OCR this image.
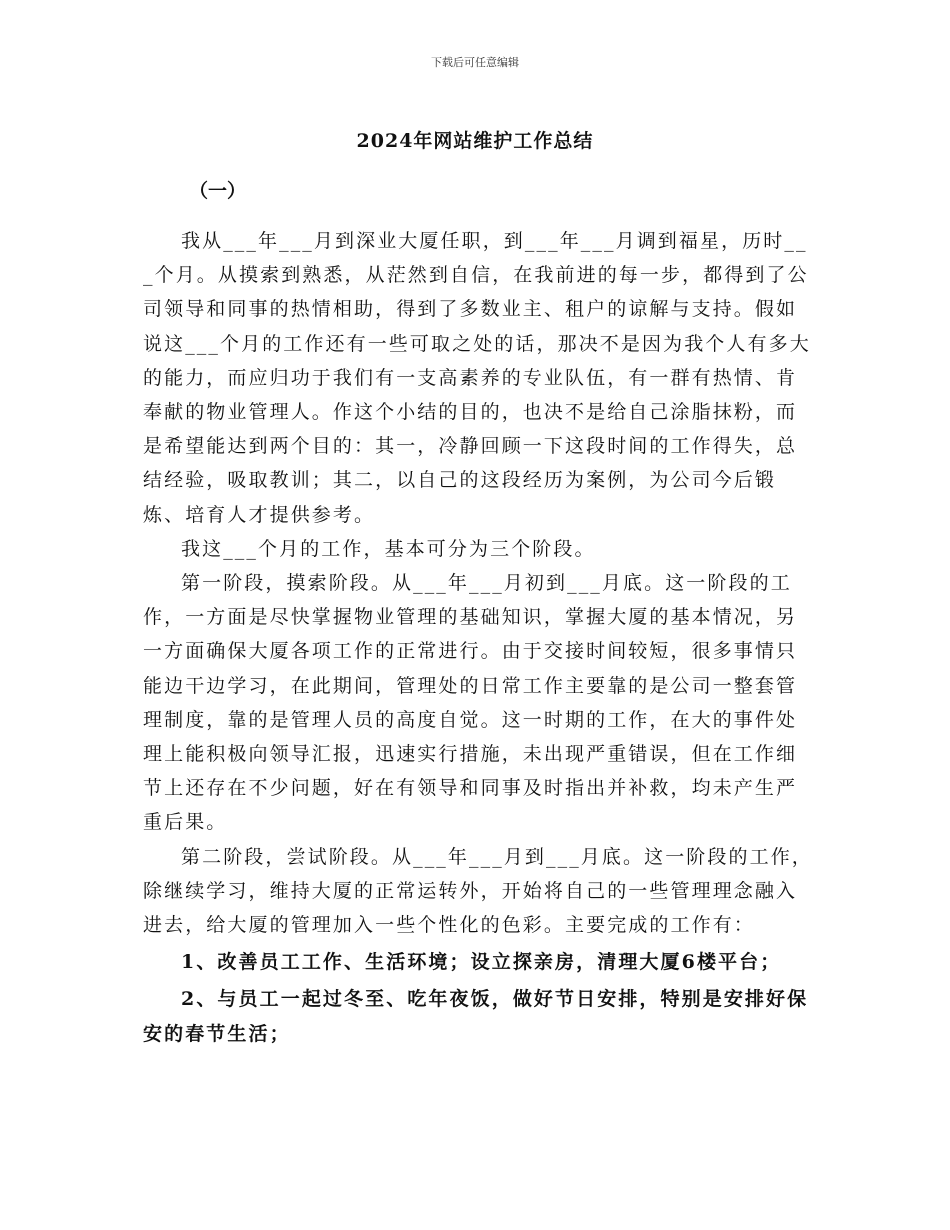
下载后可任意编辑
2024年网站维护工作总结
（一）

我从___年___月到深业大厦任职，到___年___月调到福星，历时___个月。从摸索到熟悉，从茫然到自信，在我前进的每一步，都得到了公司领导和同事的热情相助，得到了多数业主、租户的谅解与支持。假如说这___个月的工作还有一些可取之处的话，那决不是因为我个人有多大的能力，而应归功于我们有一支高素养的专业队伍，有一群有热情、肯奉献的物业管理人。作这个小结的目的，也决不是给自己涂脂抹粉，而是希望能达到两个目的：其一，冷静回顾一下这段时间的工作得失，总结经验，吸取教训；其二，以自己的这段经历为案例，为公司今后锻炼、培育人才提供参考。

我这___个月的工作，基本可分为三个阶段。

第一阶段，摸索阶段。从___年___月初到___月底。这一阶段的工作，一方面是尽快掌握物业管理的基础知识，掌握大厦的基本情况，另一方面确保大厦各项工作的正常进行。由于交接时间较短，很多事情只能边干边学习，在此期间，管理处的日常工作主要靠的是公司一整套管理制度，靠的是管理人员的高度自觉。这一时期的工作，在大的事件处理上能积极向领导汇报，迅速实行措施，未出现严重错误，但在工作细节上还存在不少问题，好在有领导和同事及时指出并补救，均未产生严重后果。

第二阶段，尝试阶段。从___年___月到___月底。这一阶段的工作，除继续学习，维持大厦的正常运转外，开始将自己的一些管理理念融入进去，给大厦的管理加入一些个性化的色彩。主要完成的工作有：

1、改善员工工作、生活环境；设立探亲房，清理大厦6楼平台；

2、与员工一起过冬至、吃年夜饭，做好节日安排，特别是安排好保安的春节生活；
